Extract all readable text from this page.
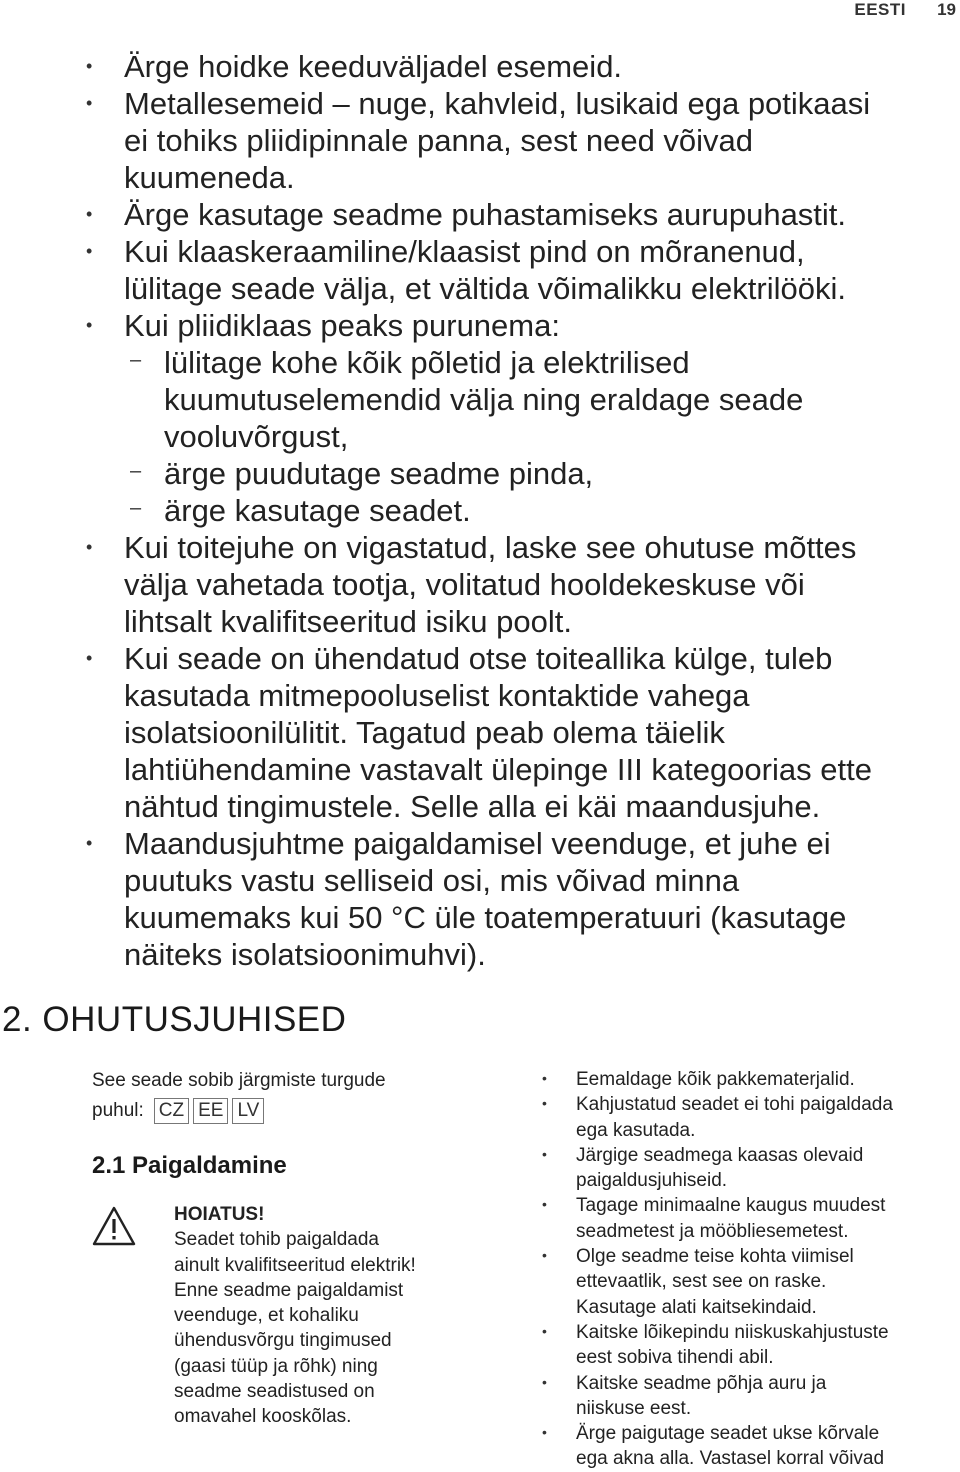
EESTI 19
• Ärge hoidke keeduväljadel esemeid.
• Metallesemeid – nuge, kahvleid, lusikaid ega potikaasi
ei tohiks pliidipinnale panna, sest need võivad
kuumeneda.
• Ärge kasutage seadme puhastamiseks aurupuhastit.
• Kui klaaskeraamiline/klaasist pind on mõranenud,
lülitage seade välja, et vältida võimalikku elektrilööki.
• Kui pliidiklaas peaks purunema:
– lülitage kohe kõik põletid ja elektrilised
kuumutuselemendid välja ning eraldage seade
vooluvõrgust,
– ärge puudutage seadme pinda,
– ärge kasutage seadet.
• Kui toitejuhe on vigastatud, laske see ohutuse mõttes
välja vahetada tootja, volitatud hooldekeskuse või
lihtsalt kvalifitseeritud isiku poolt.
• Kui seade on ühendatud otse toiteallika külge, tuleb
kasutada mitmepooluselist kontaktide vahega
isolatsioonilülitit. Tagatud peab olema täielik
lahtiühendamine vastavalt ülepinge III kategoorias ette
nähtud tingimustele. Selle alla ei käi maandusjuhe.
• Maandusjuhtme paigaldamisel veenduge, et juhe ei
puutuks vastu selliseid osi, mis võivad minna
kuumemaks kui 50 °C üle toatemperatuuri (kasutage
näiteks isolatsioonimuhvi).
2. OHUTUSJUHISED

See seade sobib järgmiste turgude

puhul: CZ EE LV

2.1 Paigaldamine
HOIATUS!
Seadet tohib paigaldada
ainult kvalifitseeritud elektrik!
Enne seadme paigaldamist
veenduge, et kohaliku
ühendusvõrgu tingimused
(gaasi tüüp ja rõhk) ning
seadme seadistused on
omavahel kooskõlas.
• Eemaldage kõik pakkematerjalid.
• Kahjustatud seadet ei tohi paigaldada
ega kasutada.
• Järgige seadmega kaasas olevaid
paigaldusjuhiseid.
• Tagage minimaalne kaugus muudest
seadmetest ja mööbliesemetest.
• Olge seadme teise kohta viimisel
ettevaatlik, sest see on raske.
Kasutage alati kaitsekindaid.
• Kaitske lõikepindu niiskuskahjustuste
eest sobiva tihendi abil.
• Kaitske seadme põhja auru ja
niiskuse eest.
• Ärge paigutage seadet ukse kõrvale
ega akna alla. Vastasel korral võivad
